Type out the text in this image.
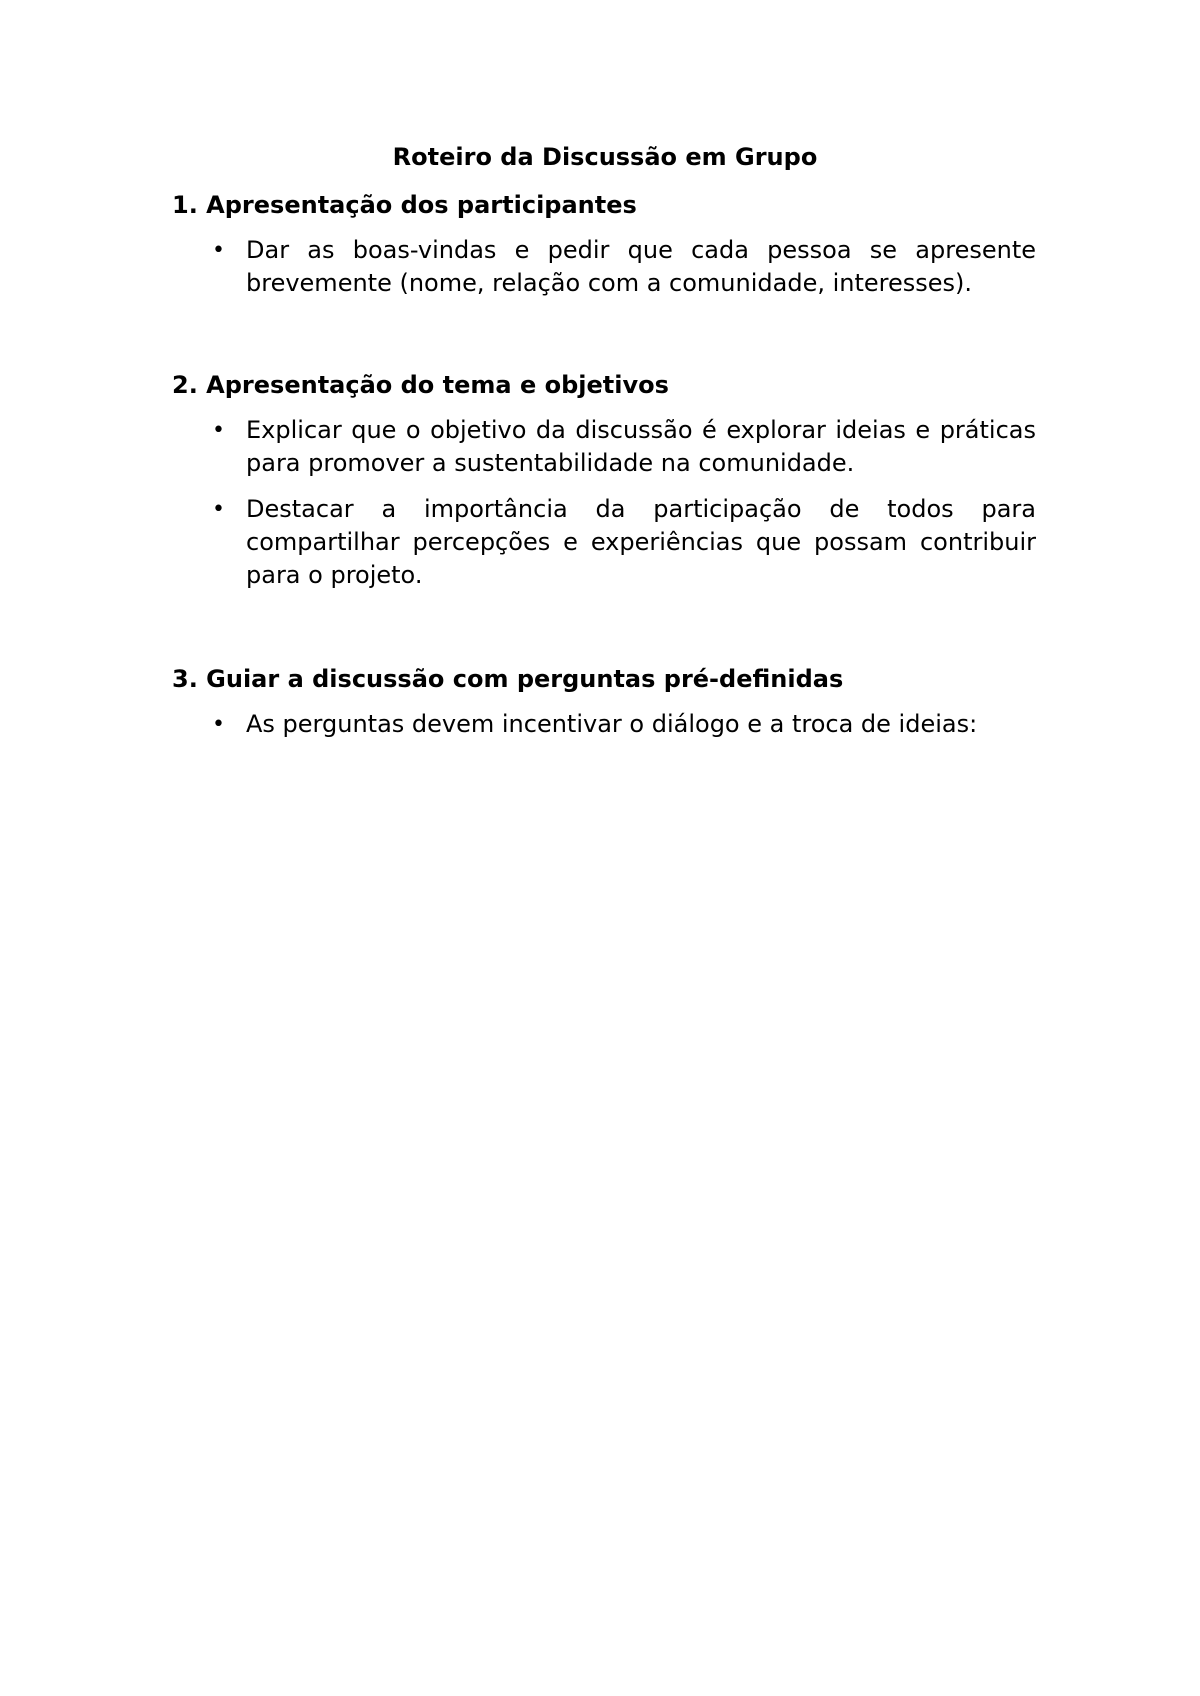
Roteiro da Discussão em Grupo
1. Apresentação dos participantes
• Dar as boas-vindas e pedir que cada pessoa se apresente brevemente (nome, relação com a comunidade, interesses).
2. Apresentação do tema e objetivos
• Explicar que o objetivo da discussão é explorar ideias e práticas para promover a sustentabilidade na comunidade.
• Destacar a importância da participação de todos para compartilhar percepções e experiências que possam contribuir para o projeto.
3. Guiar a discussão com perguntas pré-definidas
• As perguntas devem incentivar o diálogo e a troca de ideias:
